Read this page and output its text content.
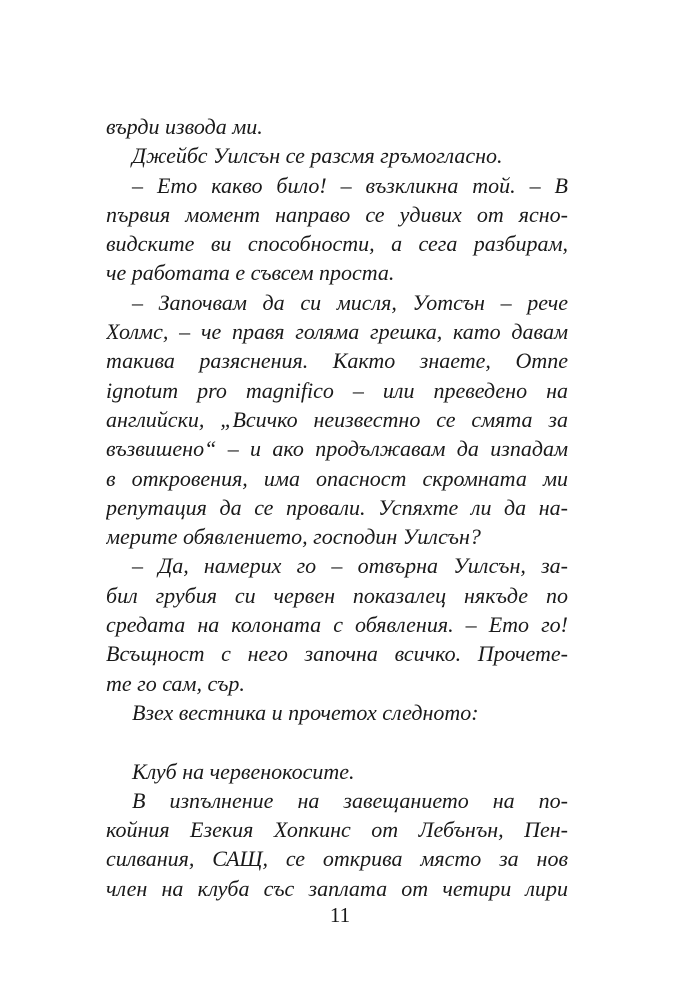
върди извода ми.
Джейбс Уилсън се разсмя гръмогласно.
– Ето какво било! – възкликна той. – В
първия момент направо се удивих от ясно-
видските ви способности, а сега разбирам,
че работата е съвсем проста.
– Започвам да си мисля, Уотсън – рече
Холмс, – че правя голяма грешка, като давам
такива разяснения. Както знаете, Omne
ignotum pro magnifico – или преведено на
английски, „Всичко неизвестно се смята за
възвишено“ – и ако продължавам да изпадам
в откровения, има опасност скромната ми
репутация да се провали. Успяхте ли да на-
мерите обявлението, господин Уилсън?
– Да, намерих го – отвърна Уилсън, за-
бил грубия си червен показалец някъде по
средата на колоната с обявления. – Ето го!
Всъщност с него започна всичко. Прочете-
те го сам, сър.
Взех вестника и прочетох следното:
Клуб на червенокосите.
В изпълнение на завещанието на по-
койния Езекия Хопкинс от Лебънън, Пен-
силвания, САЩ, се открива място за нов
член на клуба със заплата от четири лири
11
